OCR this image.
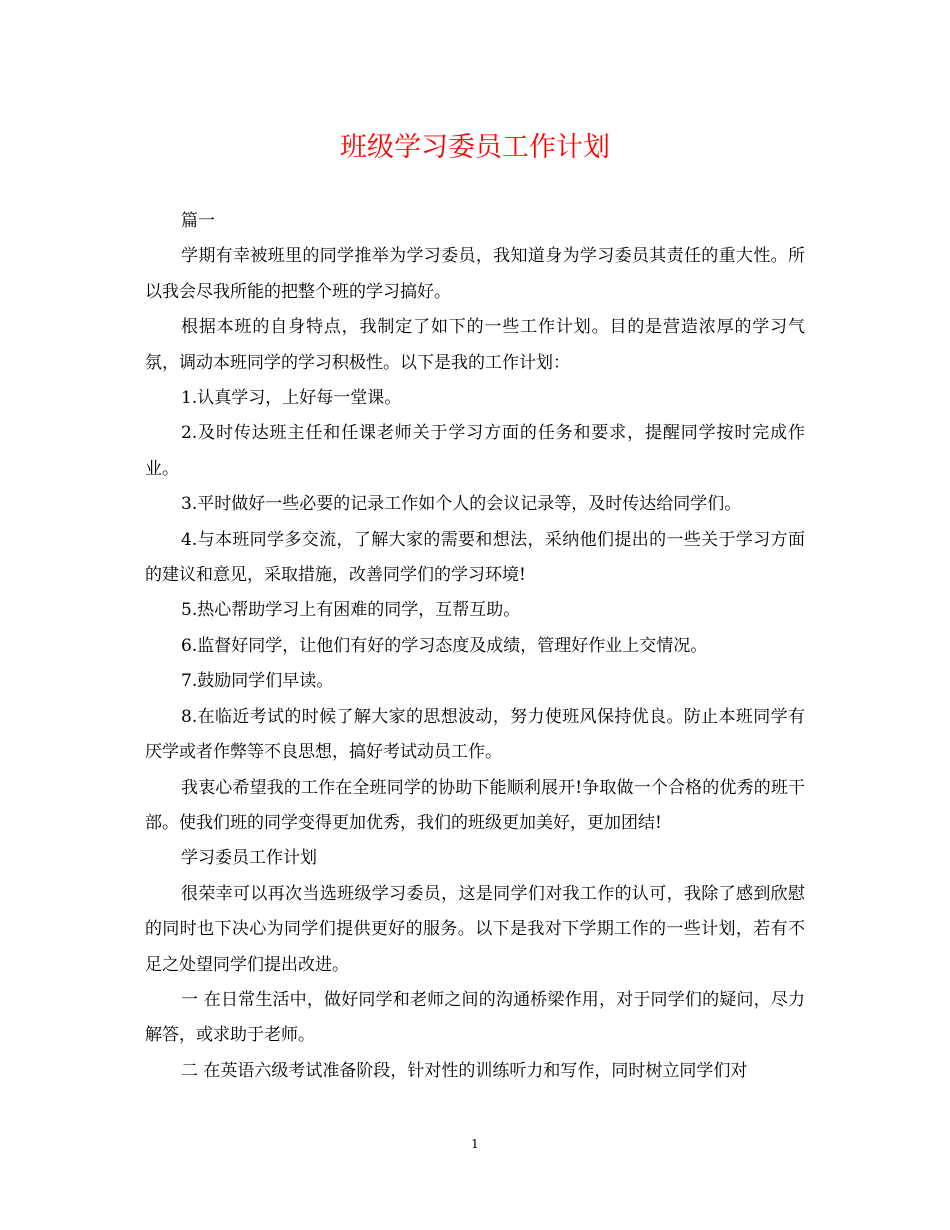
班级学习委员工作计划

篇一

学期有幸被班里的同学推举为学习委员，我知道身为学习委员其责任的重大性。所以我会尽我所能的把整个班的学习搞好。

根据本班的自身特点，我制定了如下的一些工作计划。目的是营造浓厚的学习气氛，调动本班同学的学习积极性。以下是我的工作计划：

1.认真学习，上好每一堂课。

2.及时传达班主任和任课老师关于学习方面的任务和要求，提醒同学按时完成作业。

3.平时做好一些必要的记录工作如个人的会议记录等，及时传达给同学们。

4.与本班同学多交流，了解大家的需要和想法，采纳他们提出的一些关于学习方面的建议和意见，采取措施，改善同学们的学习环境!

5.热心帮助学习上有困难的同学，互帮互助。

6.监督好同学，让他们有好的学习态度及成绩，管理好作业上交情况。

7.鼓励同学们早读。

8.在临近考试的时候了解大家的思想波动，努力使班风保持优良。防止本班同学有厌学或者作弊等不良思想，搞好考试动员工作。

我衷心希望我的工作在全班同学的协助下能顺利展开!争取做一个合格的优秀的班干部。使我们班的同学变得更加优秀，我们的班级更加美好，更加团结!

学习委员工作计划

很荣幸可以再次当选班级学习委员，这是同学们对我工作的认可，我除了感到欣慰的同时也下决心为同学们提供更好的服务。以下是我对下学期工作的一些计划，若有不足之处望同学们提出改进。

一 在日常生活中，做好同学和老师之间的沟通桥梁作用，对于同学们的疑问，尽力解答，或求助于老师。

二 在英语六级考试准备阶段，针对性的训练听力和写作，同时树立同学们对

1
